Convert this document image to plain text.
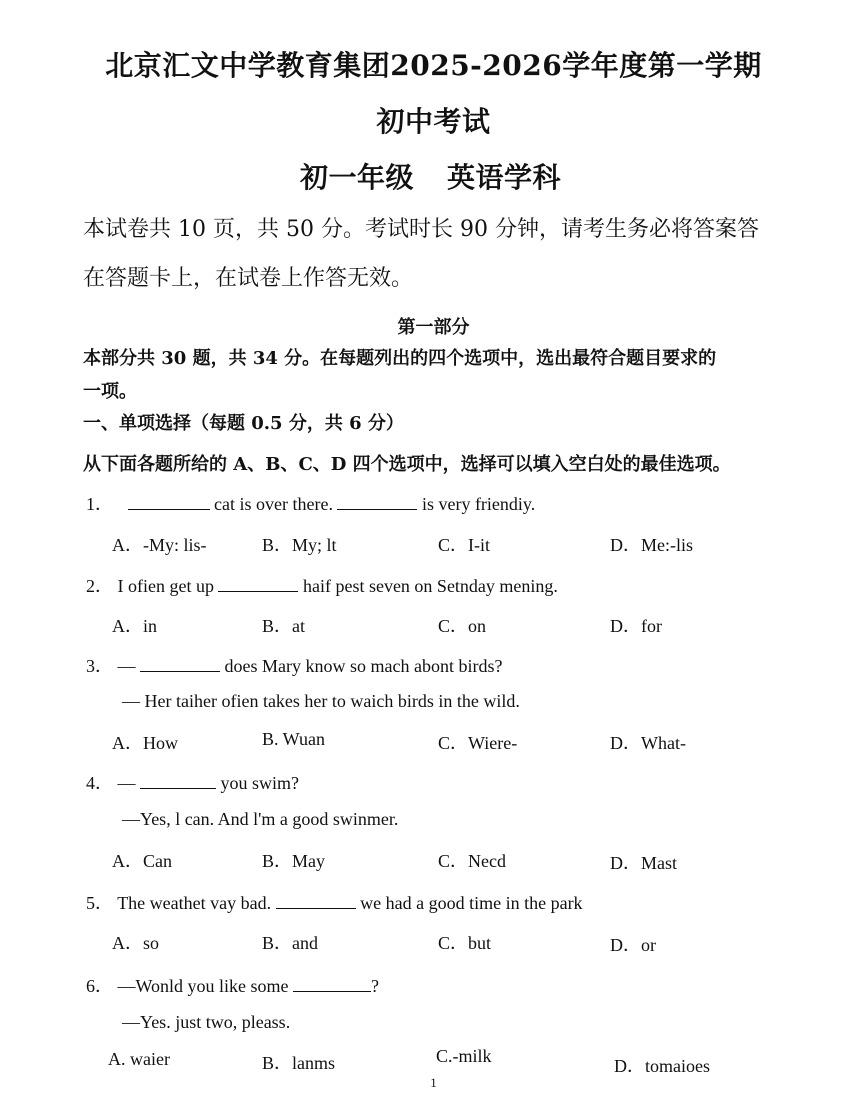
北京汇文中学教育集团2025-2026学年度第一学期
初中考试
初一年级 英语学科
本试卷共 10 页，共 50 分。考试时长 90 分钟，请考生务必将答案答
在答题卡上，在试卷上作答无效。
第一部分
本部分共 30 题，共 34 分。在每题列出的四个选项中，选出最符合题目要求的
一项。
一、单项选择（每题 0.5 分，共 6 分）
从下面各题所给的 A、B、C、D 四个选项中，选择可以填入空白处的最佳选项。
1．	cat is over there.	is very friendiy.
A．-My: lis-	B．My; lt	C．I-it	D．Me:-lis
2． I ofien get up	haif pest seven on Setnday mening.
A．in	B．at	C．on	D．for
3． —	does Mary know so mach abont birds?
— Her taiher ofien takes her to waich birds in the wild.
A．How	B. Wuan	C．Wiere-	D．What-
4． —	you swim?
—Yes, l can. And l'm a good swinmer.
A．Can	B．May	C．Necd	D．Mast
5． The weathet vay bad.	we had a good time in the park
A．so	B．and	C．but	D．or
6． —Wonld you like some	?
—Yes. just two, pleass.
A. waier	B．lanms	C.-milk	D．tomaioes
1
